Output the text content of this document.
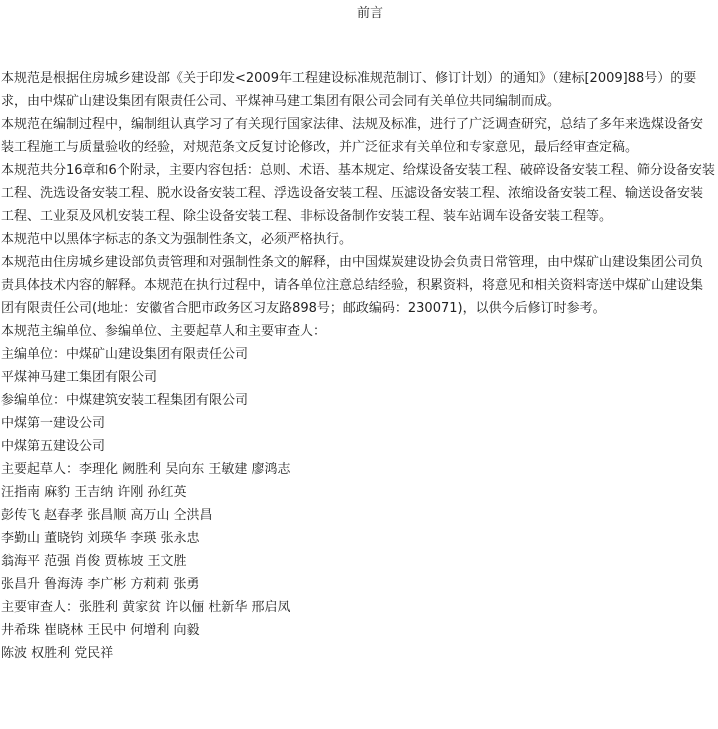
前言

本规范是根据住房城乡建设部《关于印发<2009年工程建设标准规范制订、修订计划）的通知》（建标[2009]88号）的要求，由中煤矿山建设集团有限责任公司、平煤神马建工集团有限公司会同有关单位共同编制而成。

本规范在编制过程中，编制组认真学习了有关现行国家法律、法规及标准，进行了广泛调查研究，总结了多年来选煤设备安装工程施工与质量验收的经验，对规范条文反复讨论修改，并广泛征求有关单位和专家意见，最后经审查定稿。

本规范共分16章和6个附录，主要内容包括：总则、术语、基本规定、给煤设备安装工程、破碎设备安装工程、筛分设备安装工程、洗选设备安装工程、脱水设备安装工程、浮选设备安装工程、压滤设备安装工程、浓缩设备安装工程、输送设备安装工程、工业泵及风机安装工程、除尘设备安装工程、非标设备制作安装工程、装车站调车设备安装工程等。

本规范中以黑体字标志的条文为强制性条文，必须严格执行。

本规范由住房城乡建设部负责管理和对强制性条文的解释，由中国煤炭建设协会负责日常管理，由中煤矿山建设集团公司负责具体技术内容的解释。本规范在执行过程中，请各单位注意总结经验，积累资料，将意见和相关资料寄送中煤矿山建设集团有限责任公司(地址：安徽省合肥市政务区习友路898号；邮政编码：230071)，以供今后修订时参考。

本规范主编单位、参编单位、主要起草人和主要审查人：

主编单位：中煤矿山建设集团有限责任公司

平煤神马建工集团有限公司

参编单位：中煤建筑安装工程集团有限公司

中煤第一建设公司

中煤第五建设公司

主要起草人：李理化 阙胜利 吴向东 王敏建 廖鸿志

汪指南 麻豹 王吉纳 许刚 孙红英

彭传飞 赵春孝 张昌顺 高万山 仝洪昌

李勤山 董晓钧 刘瑛华 李瑛 张永忠

翁海平 范强 肖俊 贾栋坡 王文胜

张昌升 鲁海涛 李广彬 方莉莉 张勇

主要审查人：张胜利 黄家贫 许以俪 杜新华 邢启凤

井希珠 崔晓林 王民中 何增利 向毅

陈波 权胜利 党民祥
